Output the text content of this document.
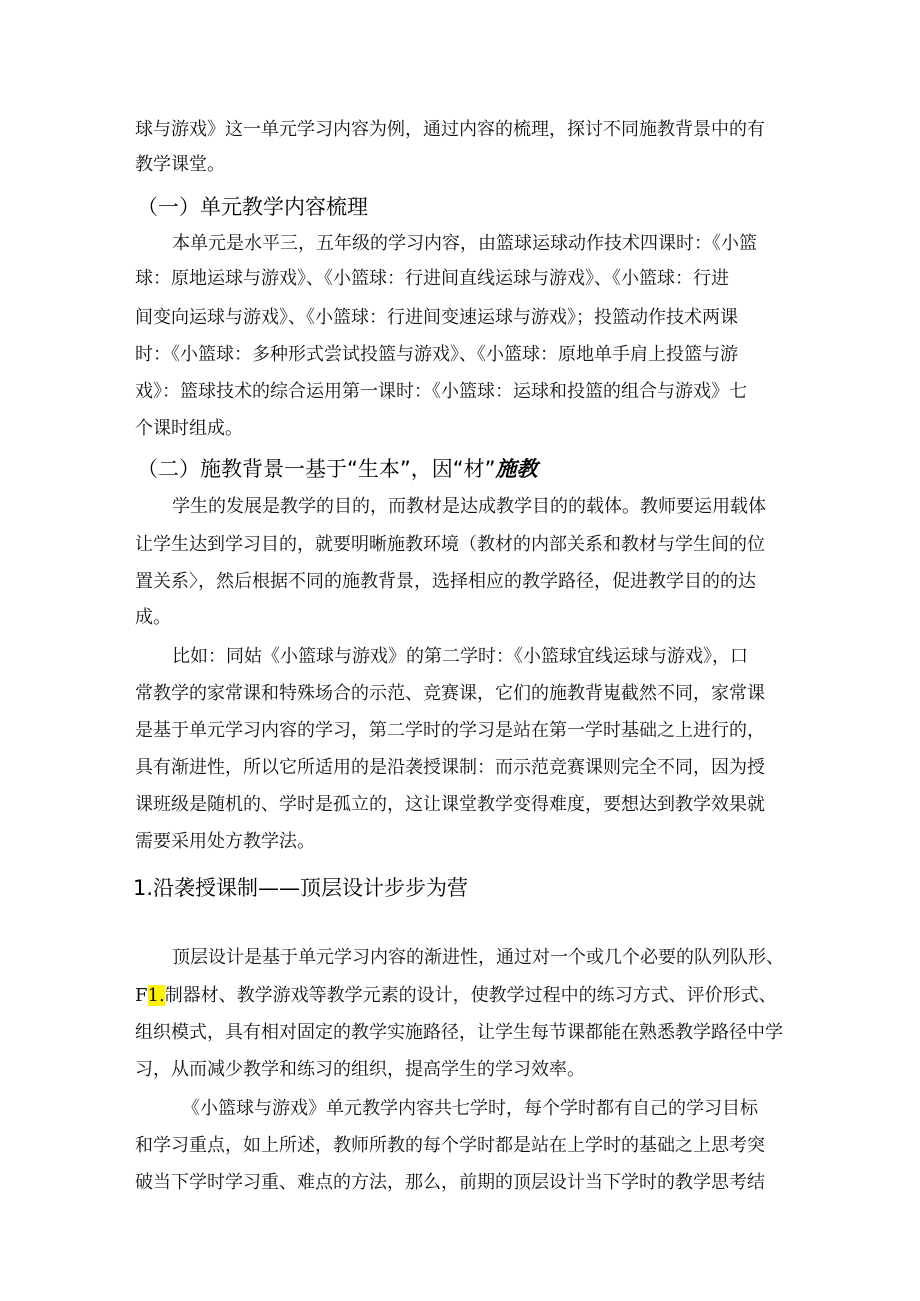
球与游戏》这一单元学习内容为例，通过内容的梳理，探讨不同施教背景中的有
教学课堂。
（一）单元教学内容梳理
本单元是水平三，五年级的学习内容，由篮球运球动作技术四课时：《小篮
球：原地运球与游戏》、《小篮球：行进间直线运球与游戏》、《小篮球：行进
间变向运球与游戏》、《小篮球：行进间变速运球与游戏》；投篮动作技术两课
时：《小篮球：多种形式尝试投篮与游戏》、《小篮球：原地单手肩上投篮与游
戏》：篮球技术的综合运用第一课时：《小篮球：运球和投篮的组合与游戏》七
个课时组成。
（二）施教背景一基于“生本”，因“材”施教
学生的发展是教学的目的，而教材是达成教学目的的载体。教师要运用载体
让学生达到学习目的，就要明晰施教环境（教材的内部关系和教材与学生间的位
置关系〉，然后根据不同的施教背景，选择相应的教学路径，促进教学目的的达
成。
比如：同姑《小篮球与游戏》的第二学时：《小篮球宜线运球与游戏》，口
常教学的家常课和特殊场合的示范、竞赛课，它们的施教背嵬截然不同，家常课
是基于单元学习内容的学习，第二学时的学习是站在第一学时基础之上进行的，
具有渐进性，所以它所适用的是沿袭授课制：而示范竞赛课则完全不同，因为授
课班级是随机的、学时是孤立的，这让课堂教学变得难度，要想达到教学效果就
需要采用处方教学法。
1.沿袭授课制——顶层设计步步为营
顶层设计是基于单元学习内容的渐进性，通过对一个或几个必要的队列队形、
F1.制器材、教学游戏等教学元素的设计，使教学过程中的练习方式、评价形式、
组织模式，具有相对固定的教学实施路径，让学生每节课都能在熟悉教学路径中学
习，从而减少教学和练习的组织，提高学生的学习效率。
《小篮球与游戏》单元教学内容共七学时，每个学时都有自己的学习目标
和学习重点，如上所述，教师所教的每个学时都是站在上学时的基础之上思考突
破当下学时学习重、难点的方法，那么，前期的顶层设计当下学时的教学思考结
